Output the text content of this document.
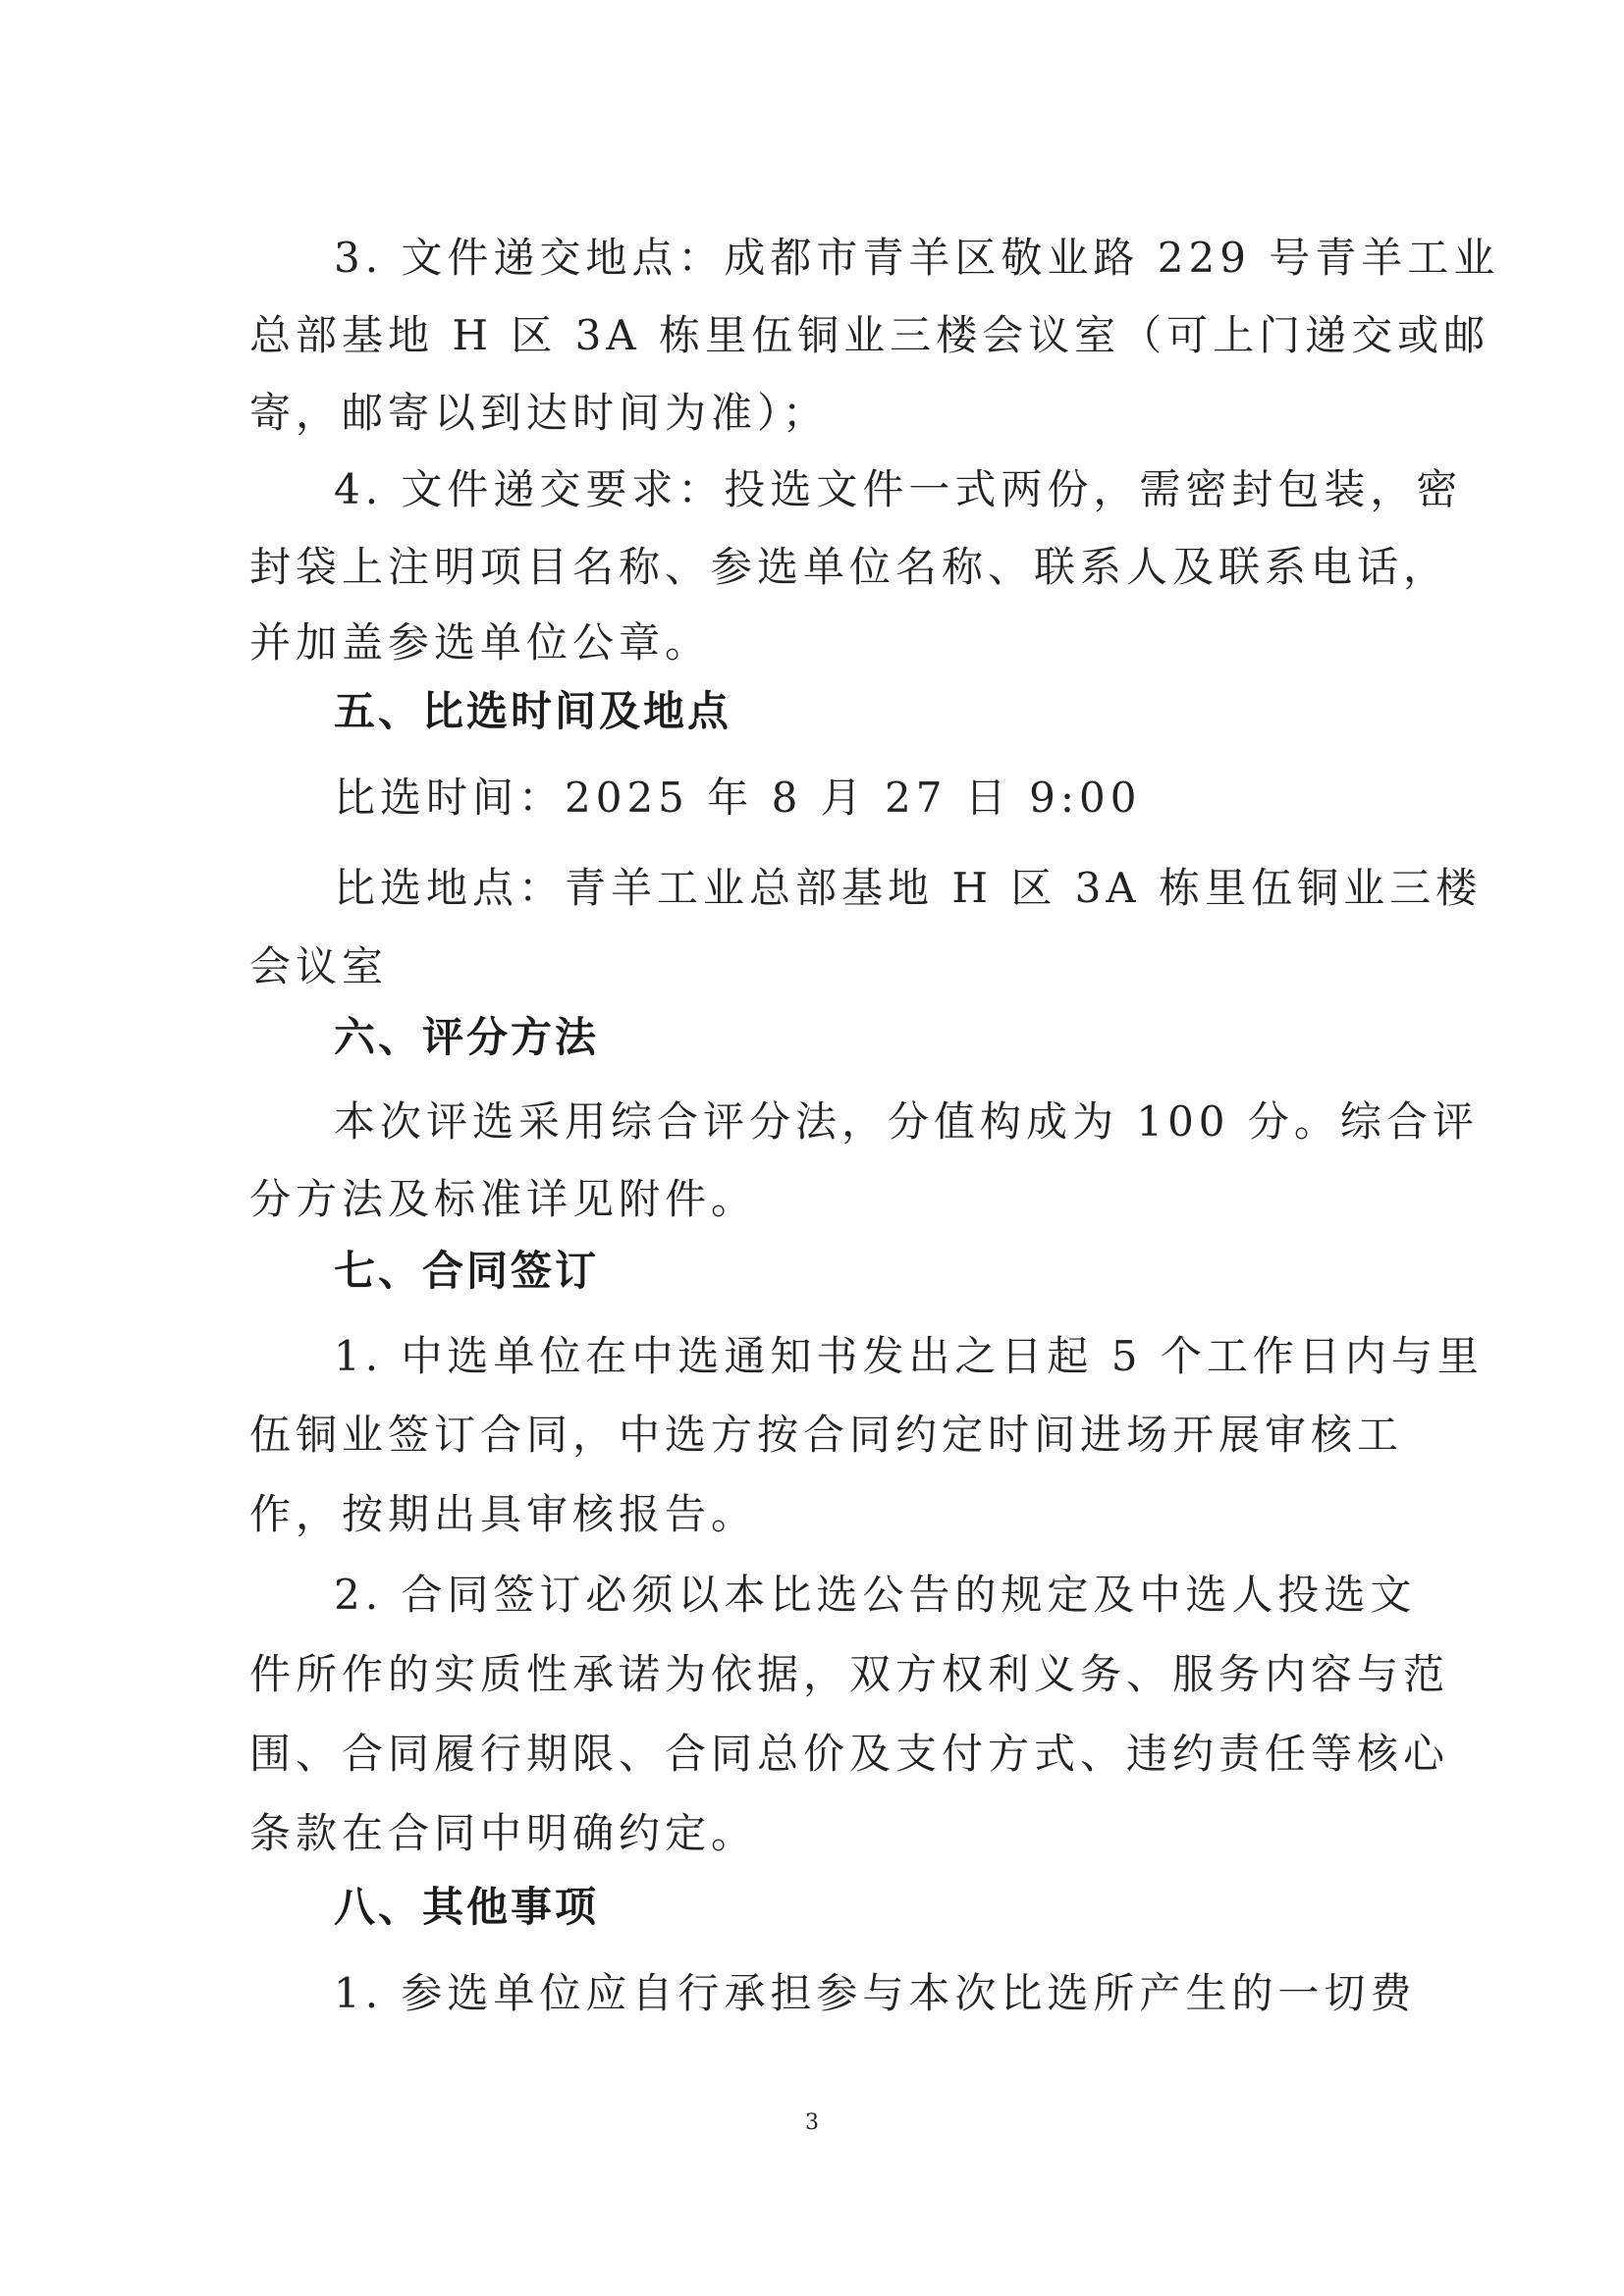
3. 文件递交地点：成都市青羊区敬业路 229 号青羊工业

总部基地 H 区 3A 栋里伍铜业三楼会议室（可上门递交或邮

寄，邮寄以到达时间为准）；

4. 文件递交要求：投选文件一式两份，需密封包装，密

封袋上注明项目名称、参选单位名称、联系人及联系电话，

并加盖参选单位公章。

五、比选时间及地点

比选时间：2025 年 8 月 27 日 9:00

比选地点：青羊工业总部基地 H 区 3A 栋里伍铜业三楼

会议室

六、评分方法

本次评选采用综合评分法，分值构成为 100 分。综合评

分方法及标准详见附件。

七、合同签订

1. 中选单位在中选通知书发出之日起 5 个工作日内与里

伍铜业签订合同，中选方按合同约定时间进场开展审核工

作，按期出具审核报告。

2. 合同签订必须以本比选公告的规定及中选人投选文

件所作的实质性承诺为依据，双方权利义务、服务内容与范

围、合同履行期限、合同总价及支付方式、违约责任等核心

条款在合同中明确约定。

八、其他事项

1. 参选单位应自行承担参与本次比选所产生的一切费

3
